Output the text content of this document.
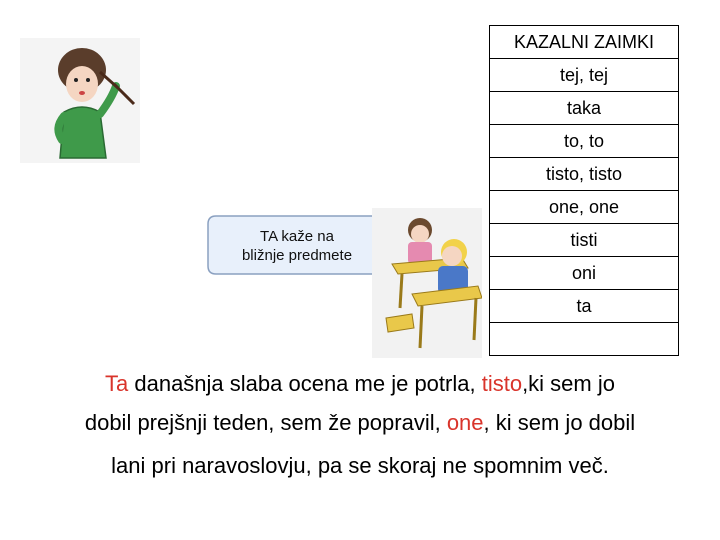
KAZALNI ZAIMKI
tej, tej
taka
to, to
tisto, tisto
one, one
tisti
oni
ta

TA kaže na
bližnje predmete
Ta današnja slaba ocena me je potrla, tisto,ki sem jo
dobil prejšnji teden, sem že popravil, one, ki sem jo dobil
lani pri naravoslovju, pa se skoraj ne spomnim več.
